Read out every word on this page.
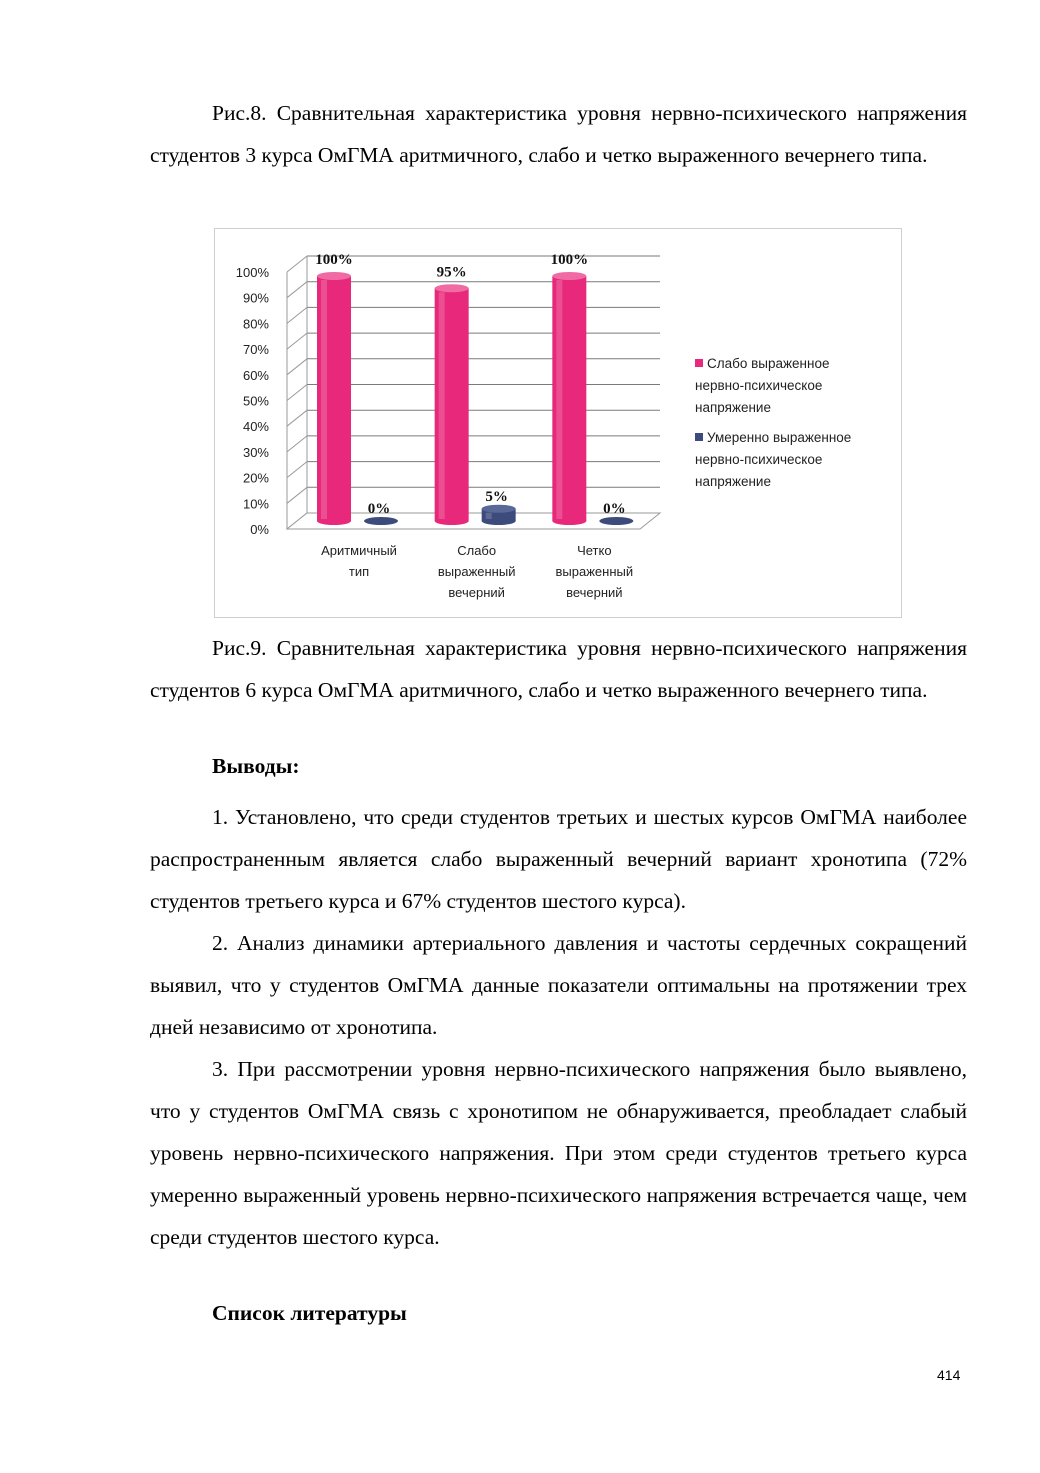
Рис.8. Сравнительная характеристика уровня нервно-психического напряжения студентов 3 курса ОмГМА аритмичного, слабо и четко выраженного вечернего типа.

0%
10%
20%
30%
40%
50%
60%
70%
80%
90%
100%
100%
0%
Аритмичный
тип
95%
5%
Слабо
выраженный
вечерний
100%
0%
Четко
выраженный
вечерний
Слабо выраженное
нервно-психическое
напряжение
Умеренно выраженное
нервно-психическое
напряжение

Рис.9. Сравнительная характеристика уровня нервно-психического напряжения студентов 6 курса ОмГМА аритмичного, слабо и четко выраженного вечернего типа.

Выводы:

1. Установлено, что среди студентов третьих и шестых курсов ОмГМА наиболее распространенным является слабо выраженный вечерний вариант хронотипа (72% студентов третьего курса и 67% студентов шестого курса).

2. Анализ динамики артериального давления и частоты сердечных сокращений выявил, что у студентов ОмГМА данные показатели оптимальны на протяжении трех дней независимо от хронотипа.

3. При рассмотрении уровня нервно-психического напряжения было выявлено, что у студентов ОмГМА связь с хронотипом не обнаруживается, преобладает слабый уровень нервно-психического напряжения. При этом среди студентов третьего курса умеренно выраженный уровень нервно-психического напряжения встречается чаще, чем среди студентов шестого курса.

Список литературы

414
